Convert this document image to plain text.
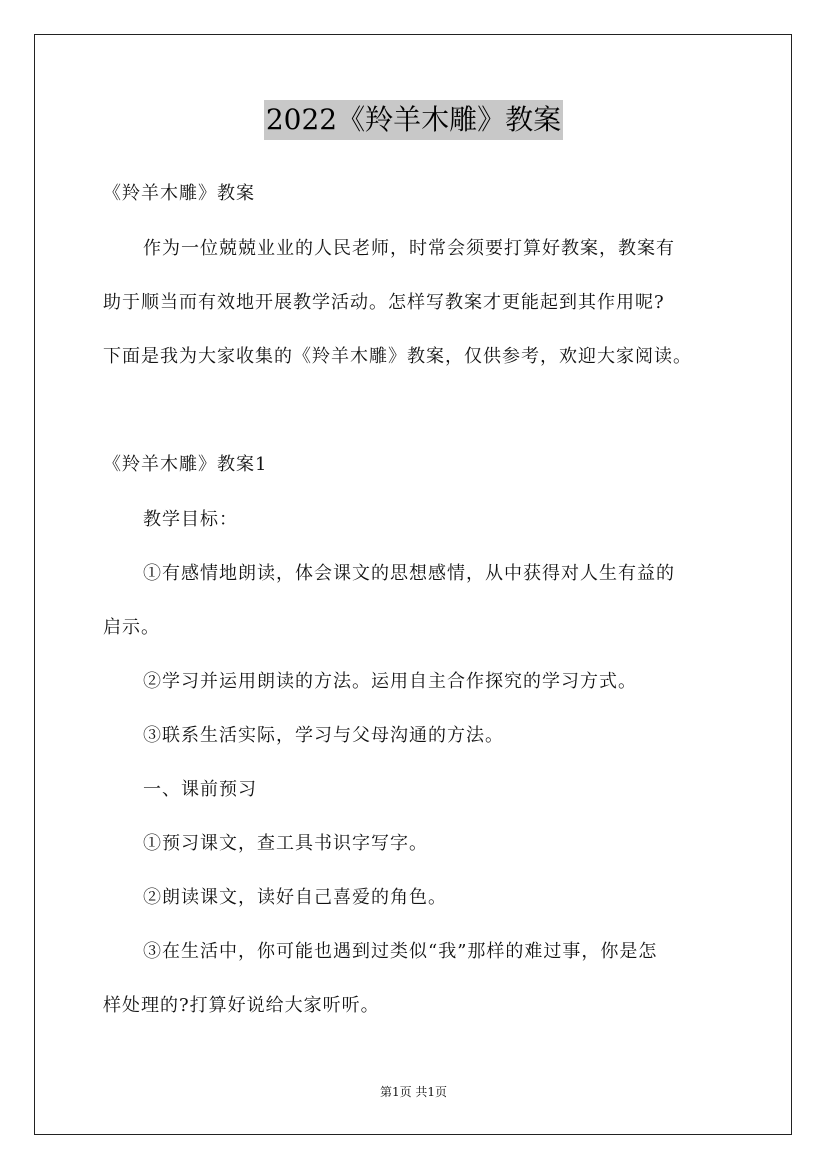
2022《羚羊木雕》教案
《羚羊木雕》教案
作为一位兢兢业业的人民老师，时常会须要打算好教案，教案有
助于顺当而有效地开展教学活动。怎样写教案才更能起到其作用呢?
下面是我为大家收集的《羚羊木雕》教案，仅供参考，欢迎大家阅读。
《羚羊木雕》教案1
教学目标：
①有感情地朗读，体会课文的思想感情，从中获得对人生有益的
启示。
②学习并运用朗读的方法。运用自主合作探究的学习方式。
③联系生活实际，学习与父母沟通的方法。
一、课前预习
①预习课文，查工具书识字写字。
②朗读课文，读好自己喜爱的角色。
③在生活中，你可能也遇到过类似“我”那样的难过事，你是怎
样处理的?打算好说给大家听听。
第1页 共1页
